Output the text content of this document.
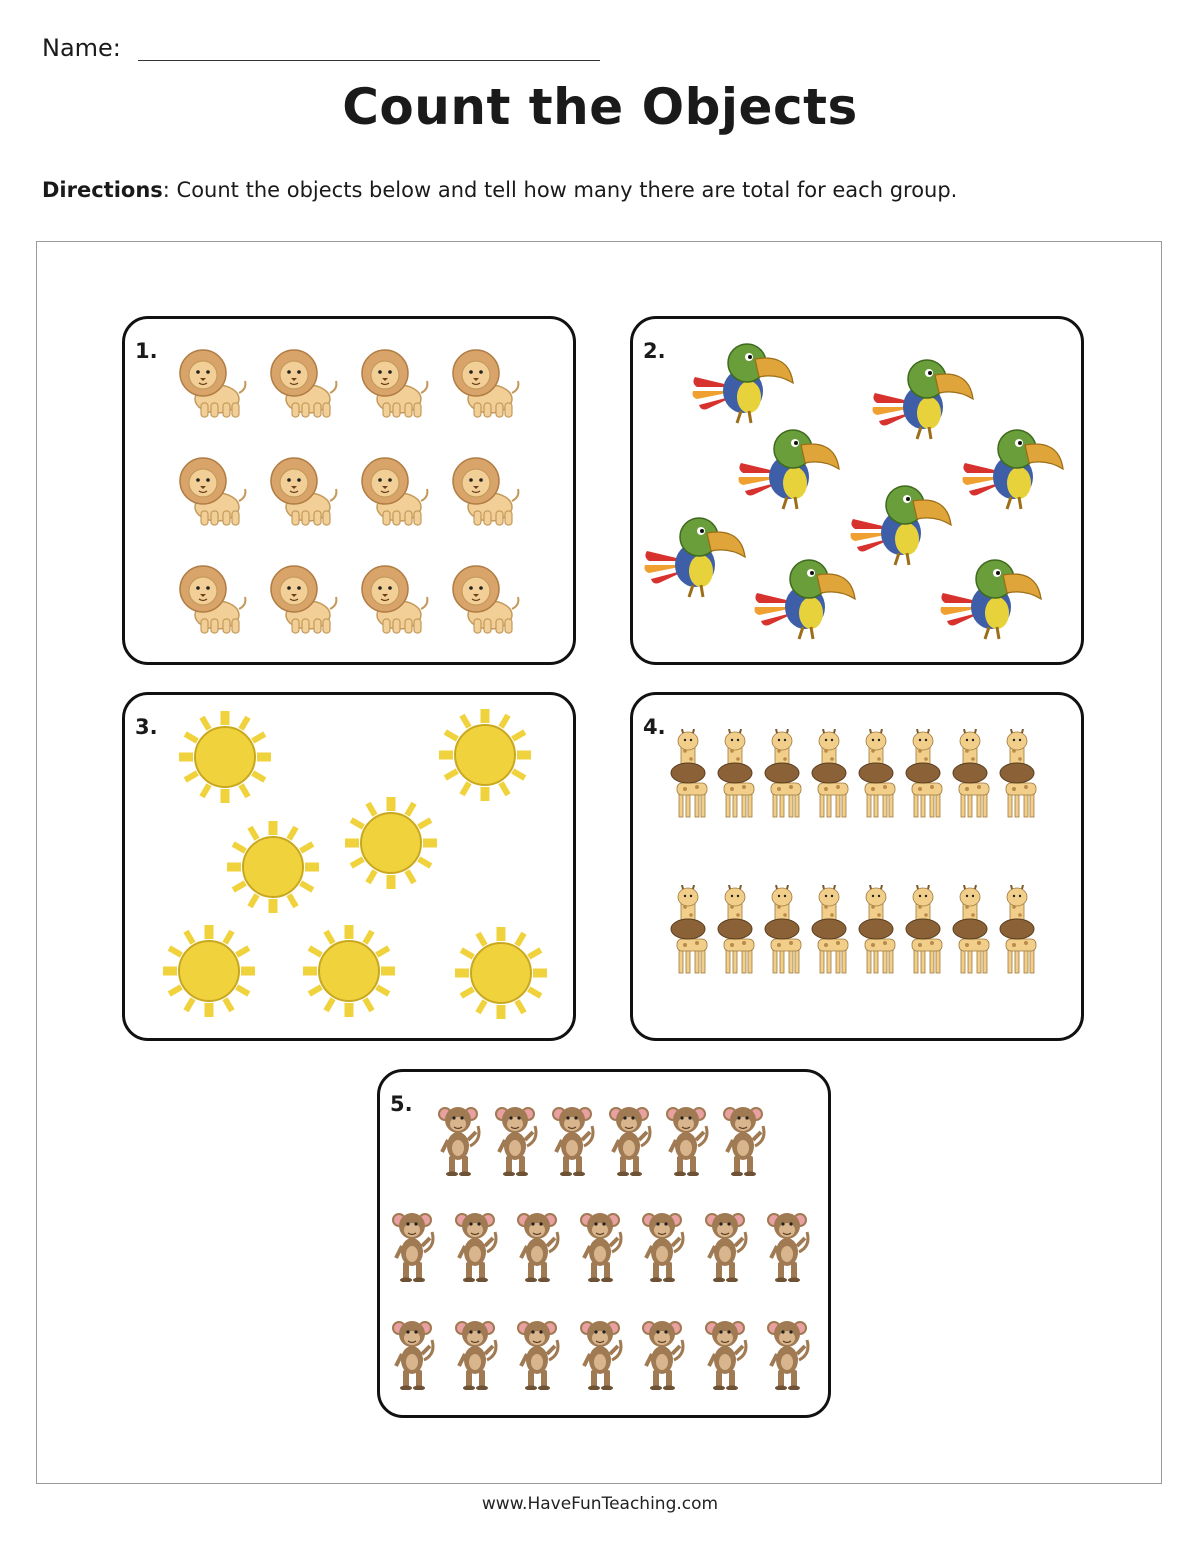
Name:
Count the Objects
Directions: Count the objects below and tell how many there are total for each group.
1.	2.
3.	4.
5.
www.HaveFunTeaching.com
